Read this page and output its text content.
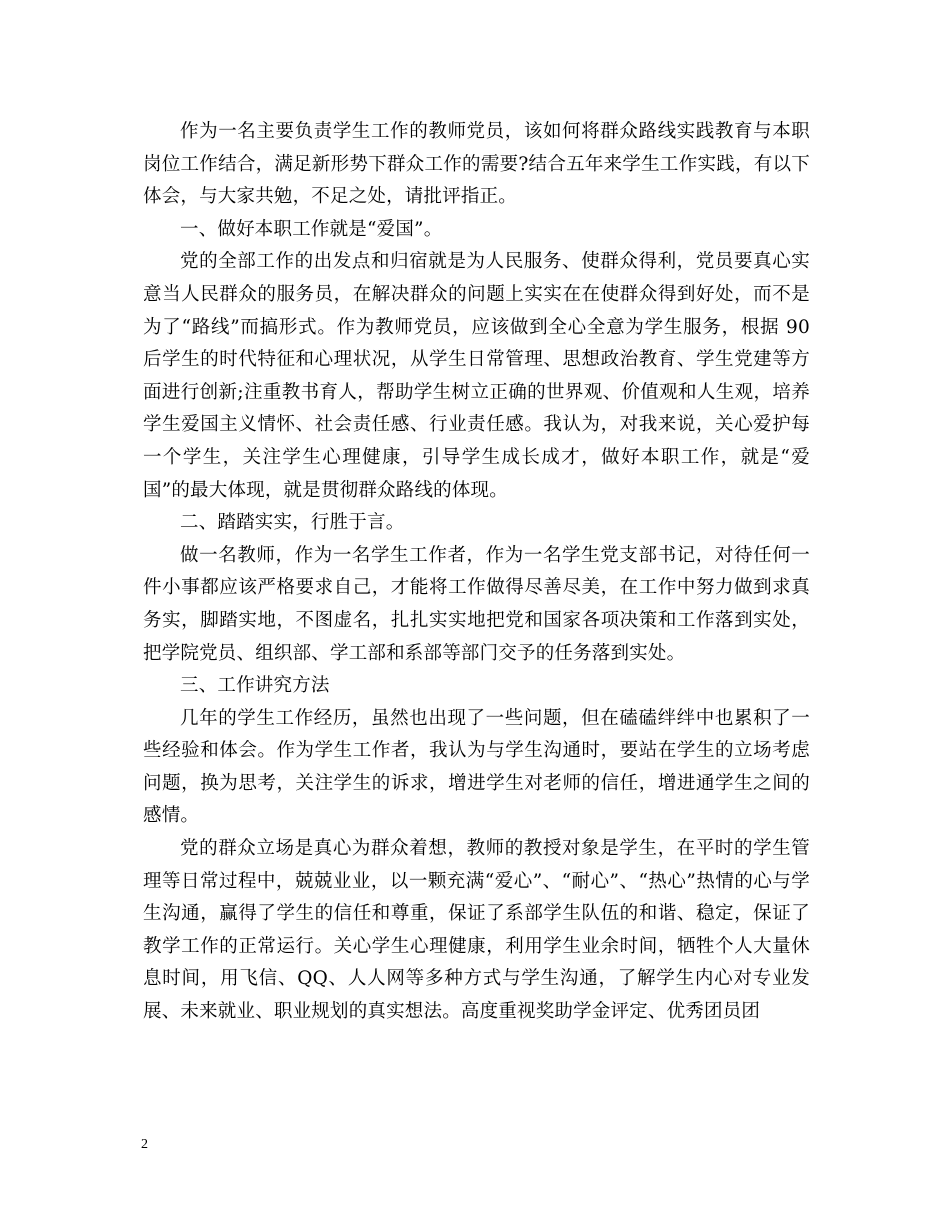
作为一名主要负责学生工作的教师党员，该如何将群众路线实践教育与本职岗位工作结合，满足新形势下群众工作的需要?结合五年来学生工作实践，有以下体会，与大家共勉，不足之处，请批评指正。

一、做好本职工作就是“爱国”。

党的全部工作的出发点和归宿就是为人民服务、使群众得利，党员要真心实意当人民群众的服务员，在解决群众的问题上实实在在使群众得到好处，而不是为了“路线”而搞形式。作为教师党员，应该做到全心全意为学生服务，根据 90 后学生的时代特征和心理状况，从学生日常管理、思想政治教育、学生党建等方面进行创新;注重教书育人，帮助学生树立正确的世界观、价值观和人生观，培养学生爱国主义情怀、社会责任感、行业责任感。我认为，对我来说，关心爱护每一个学生，关注学生心理健康，引导学生成长成才，做好本职工作，就是“爱国”的最大体现，就是贯彻群众路线的体现。

二、踏踏实实，行胜于言。

做一名教师，作为一名学生工作者，作为一名学生党支部书记，对待任何一件小事都应该严格要求自己，才能将工作做得尽善尽美，在工作中努力做到求真务实，脚踏实地，不图虚名，扎扎实实地把党和国家各项决策和工作落到实处，把学院党员、组织部、学工部和系部等部门交予的任务落到实处。

三、工作讲究方法

几年的学生工作经历，虽然也出现了一些问题，但在磕磕绊绊中也累积了一些经验和体会。作为学生工作者，我认为与学生沟通时，要站在学生的立场考虑问题，换为思考，关注学生的诉求，增进学生对老师的信任，增进通学生之间的感情。

党的群众立场是真心为群众着想，教师的教授对象是学生，在平时的学生管理等日常过程中，兢兢业业，以一颗充满“爱心”、“耐心”、“热心”热情的心与学生沟通，赢得了学生的信任和尊重，保证了系部学生队伍的和谐、稳定，保证了教学工作的正常运行。关心学生心理健康，利用学生业余时间，牺牲个人大量休息时间，用飞信、QQ、人人网等多种方式与学生沟通，了解学生内心对专业发展、未来就业、职业规划的真实想法。高度重视奖助学金评定、优秀团员团

2
